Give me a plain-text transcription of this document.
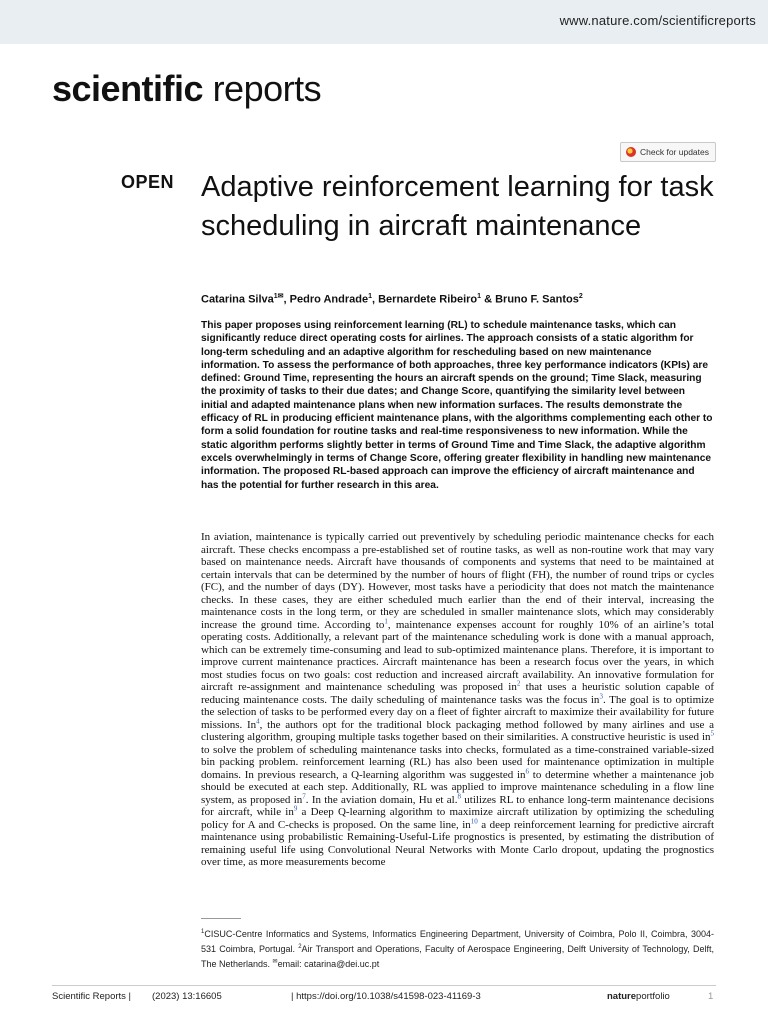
www.nature.com/scientificreports
scientific reports
Check for updates
OPEN Adaptive reinforcement learning for task scheduling in aircraft maintenance
Catarina Silva$^{1✉}$, Pedro Andrade$^1$, Bernardete Ribeiro$^1$ & Bruno F. Santos$^2$

This paper proposes using reinforcement learning (RL) to schedule maintenance tasks, which can significantly reduce direct operating costs for airlines. The approach consists of a static algorithm for long-term scheduling and an adaptive algorithm for rescheduling based on new maintenance information. To assess the performance of both approaches, three key performance indicators (KPIs) are defined: Ground Time, representing the hours an aircraft spends on the ground; Time Slack, measuring the proximity of tasks to their due dates; and Change Score, quantifying the similarity level between initial and adapted maintenance plans when new information surfaces. The results demonstrate the efficacy of RL in producing efficient maintenance plans, with the algorithms complementing each other to form a solid foundation for routine tasks and real-time responsiveness to new information. While the static algorithm performs slightly better in terms of Ground Time and Time Slack, the adaptive algorithm excels overwhelmingly in terms of Change Score, offering greater flexibility in handling new maintenance information. The proposed RL-based approach can improve the efficiency of aircraft maintenance and has the potential for further research in this area.

In aviation, maintenance is typically carried out preventively by scheduling periodic maintenance checks for each aircraft. These checks encompass a pre-established set of routine tasks, as well as non-routine work that may vary based on maintenance needs. Aircraft have thousands of components and systems that need to be maintained at certain intervals that can be determined by the number of hours of flight (FH), the number of round trips or cycles (FC), and the number of days (DY). However, most tasks have a periodicity that does not match the maintenance checks. In these cases, they are either scheduled much earlier than the end of their interval, increasing the maintenance costs in the long term, or they are scheduled in smaller maintenance slots, which may considerably increase the ground time. According $to^1$, maintenance expenses account for roughly 10% of an airline’s total operating costs. Additionally, a relevant part of the maintenance scheduling work is done with a manual approach, which can be extremely time-consuming and lead to sub-optimized maintenance plans. Therefore, it is important to improve current maintenance practices. Aircraft maintenance has been a research focus over the years, in which most studies focus on two goals: cost reduction and increased aircraft availability. An innovative formulation for aircraft re-assignment and maintenance scheduling was proposed $in^2$ that uses a heuristic solution capable of reducing maintenance costs. The daily scheduling of maintenance tasks was the focus $in^3$. The goal is to optimize the selection of tasks to be performed every day on a fleet of fighter aircraft to maximize their availability for future missions. In$^4$, the authors opt for the traditional block packaging method followed by many airlines and use a clustering algorithm, grouping multiple tasks together based on their similarities. A constructive heuristic is used $in^5$ to solve the problem of scheduling maintenance tasks into checks, formulated as a time-constrained variable-sized bin packing problem. reinforcement learning (RL) has also been used for maintenance optimization in multiple domains. In previous research, a Q-learning algorithm was suggested $in^6$ to determine whether a maintenance job should be executed at each step. Additionally, RL was applied to improve maintenance scheduling in a flow line system, as proposed $in^7$. In the aviation domain, Hu et al.$^8$ utilizes RL to enhance long-term maintenance decisions for aircraft, while $in^9$ a Deep Q-learning algorithm to maximize aircraft utilization by optimizing the scheduling policy for A and C-checks is proposed. On the same line, $in^{10}$ a deep reinforcement learning for predictive aircraft maintenance using probabilistic Remaining-Useful-Life prognostics is presented, by estimating the distribution of remaining useful life using Convolutional Neural Networks with Monte Carlo dropout, updating the prognostics over time, as more measurements become

$^1$CISUC-Centre Informatics and Systems, Informatics Engineering Department, University of Coimbra, Polo II, Coimbra, 3004-531 Coimbra, Portugal. $^2$Air Transport and Operations, Faculty of Aerospace Engineering, Delft University of Technology, Delft, The Netherlands. ✉email: catarina@dei.uc.pt

Scientific Reports | (2023) 13:16605	| https://doi.org/10.1038/s41598-023-41169-3	natureportfolio	1
